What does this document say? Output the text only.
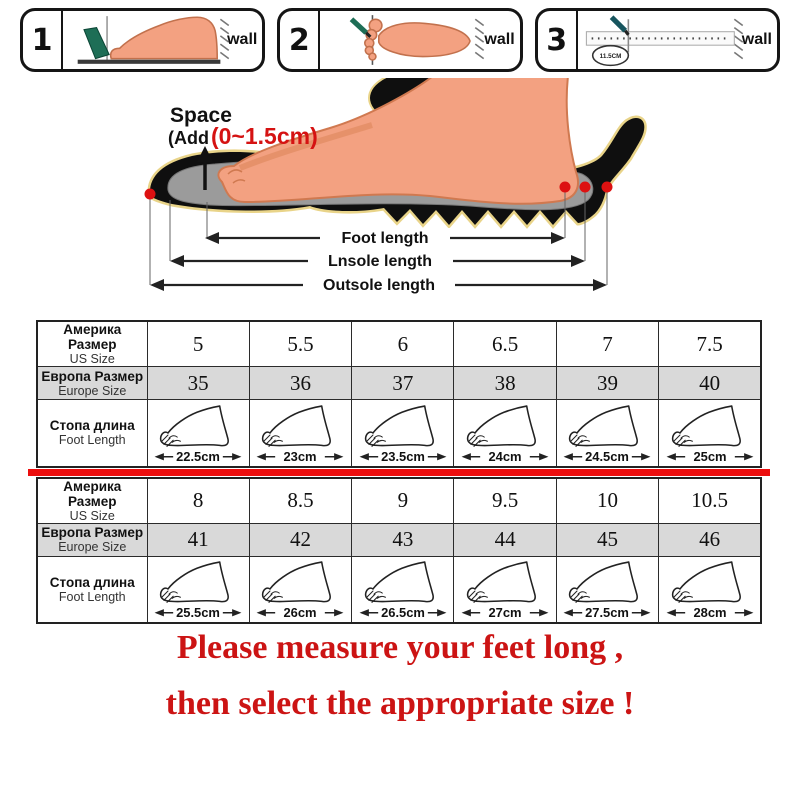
1	wall 2	wall 3	11.5CM
wall
Space
(Add(0~1.5cm)
Foot length
Lnsole length
Outsole length
Америка Размер
US Size	5	5.5	6	6.5	7	7.5

Европа Размер
Europe Size	35	36	37	38	39	40

Стопа длина
Foot Length	22.5cm	23cm	23.5cm	24cm	24.5cm	25cm
Америка Размер
US Size	8	8.5	9	9.5	10	10.5

Европа Размер
Europe Size	41	42	43	44	45	46

Стопа длина
Foot Length	25.5cm	26cm	26.5cm	27cm	27.5cm	28cm
Please measure your feet long ,
then select the appropriate size !
